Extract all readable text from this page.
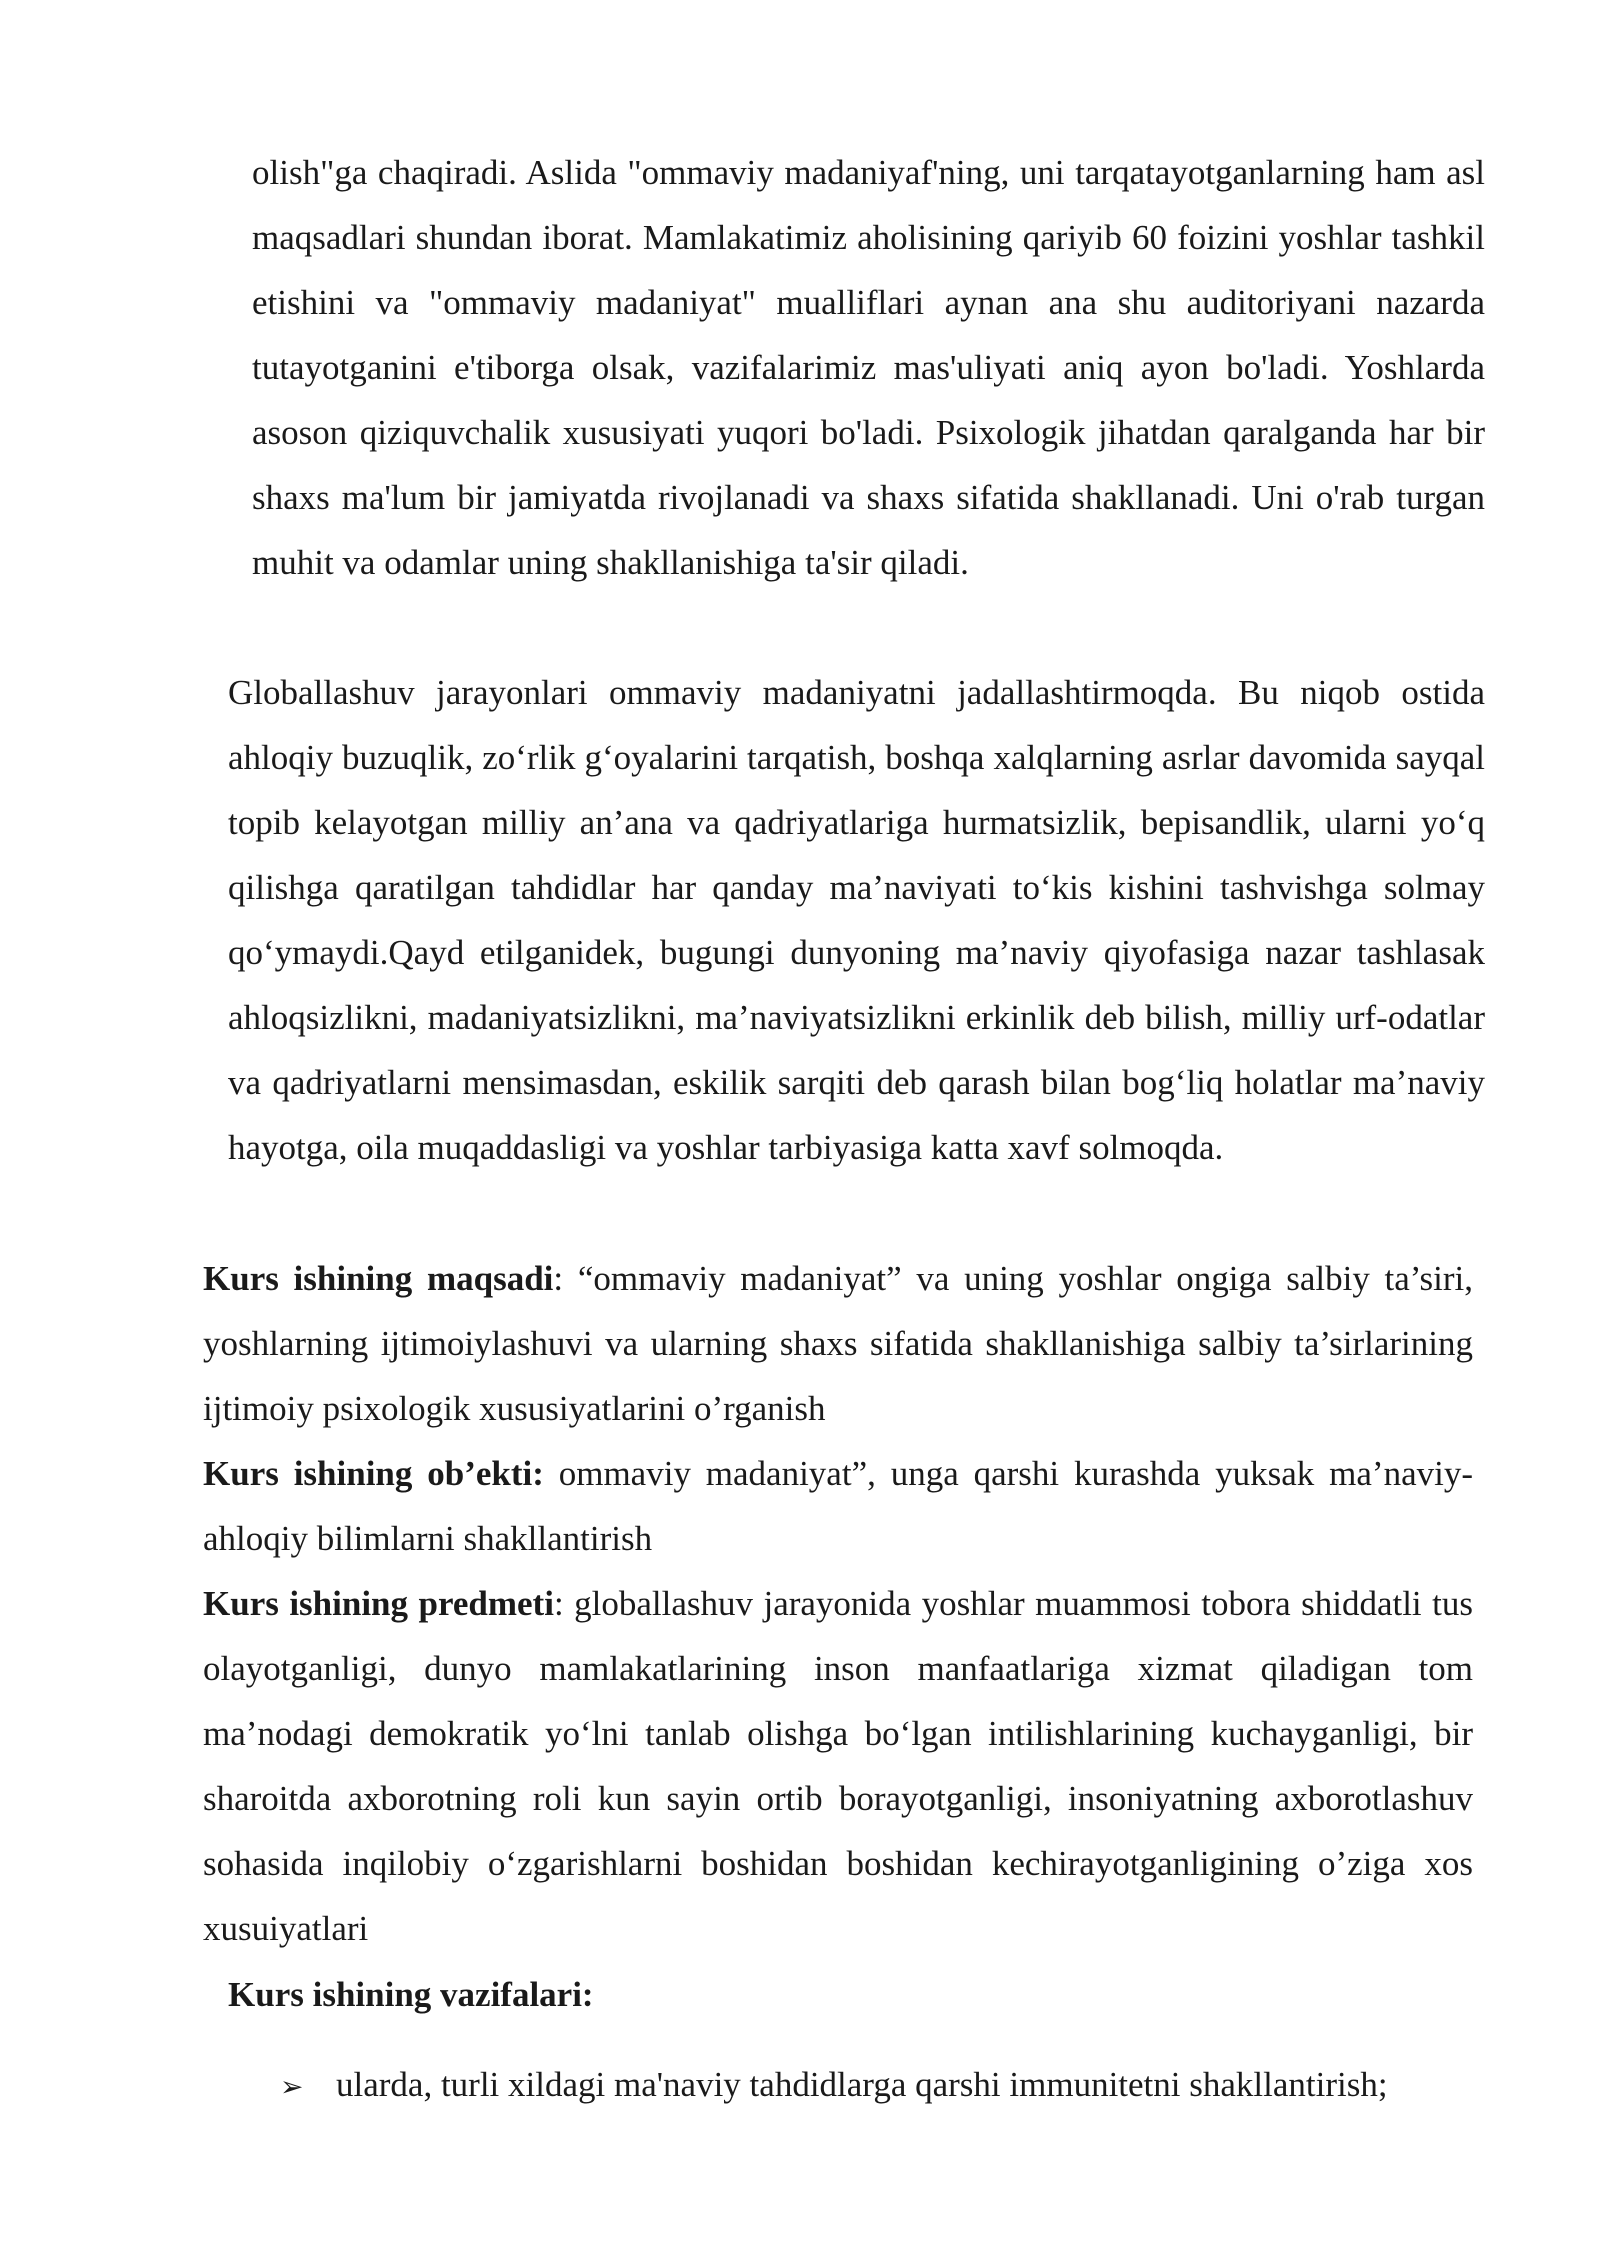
olish"ga chaqiradi. Aslida "ommaviy madaniyaf'ning, uni tarqatayotganlarning ham asl maqsadlari shundan iborat. Mamlakatimiz aholisining qariyib 60 foizini yoshlar tashkil etishini va "ommaviy madaniyat" mualliflari aynan ana shu auditoriyani nazarda tutayotganini e'tiborga olsak, vazifalarimiz mas'uliyati aniq ayon bo'ladi. Yoshlarda asoson qiziquvchalik xususiyati yuqori bo'ladi. Psixologik jihatdan qaralganda har bir shaxs ma'lum bir jamiyatda rivojlanadi va shaxs sifatida shakllanadi. Uni o'rab turgan muhit va odamlar uning shakllanishiga ta'sir qiladi.

Globallashuv jarayonlari ommaviy madaniyatni jadallashtirmoqda. Bu niqob ostida ahloqiy buzuqlik, zo‘rlik g‘oyalarini tarqatish, boshqa xalqlarning asrlar davomida sayqal topib kelayotgan milliy an’ana va qadriyatlariga hurmatsizlik, bepisandlik, ularni yo‘q qilishga qaratilgan tahdidlar har qanday ma’naviyati to‘kis kishini tashvishga solmay qo‘ymaydi.Qayd etilganidek, bugungi dunyoning ma’naviy qiyofasiga nazar tashlasak ahloqsizlikni, madaniyatsizlikni, ma’naviyatsizlikni erkinlik deb bilish, milliy urf-odatlar va qadriyatlarni mensimasdan, eskilik sarqiti deb qarash bilan bog‘liq holatlar ma’naviy hayotga, oila muqaddasligi va yoshlar tarbiyasiga katta xavf solmoqda.

Kurs ishining maqsadi: “ommaviy madaniyat” va uning yoshlar ongiga salbiy ta’siri, yoshlarning ijtimoiylashuvi va ularning shaxs sifatida shakllanishiga salbiy ta’sirlarining ijtimoiy psixologik xususiyatlarini o’rganish

Kurs ishining ob’ekti: ommaviy madaniyat”, unga qarshi kurashda yuksak ma’naviy-ahloqiy bilimlarni shakllantirish

Kurs ishining predmeti: globallashuv jarayonida yoshlar muammosi tobora shiddatli tus olayotganligi, dunyo mamlakatlarining inson manfaatlariga xizmat qiladigan tom ma’nodagi demokratik yo‘lni tanlab olishga bo‘lgan intilishlarining kuchayganligi, bir sharoitda axborotning roli kun sayin ortib borayotganligi, insoniyatning axborotlashuv sohasida inqilobiy o‘zgarishlarni boshidan boshidan kechirayotganligining o’ziga xos xusuiyatlari

Kurs ishining vazifalari:

➢ ularda, turli xildagi ma'naviy tahdidlarga qarshi immunitetni shakllantirish;
